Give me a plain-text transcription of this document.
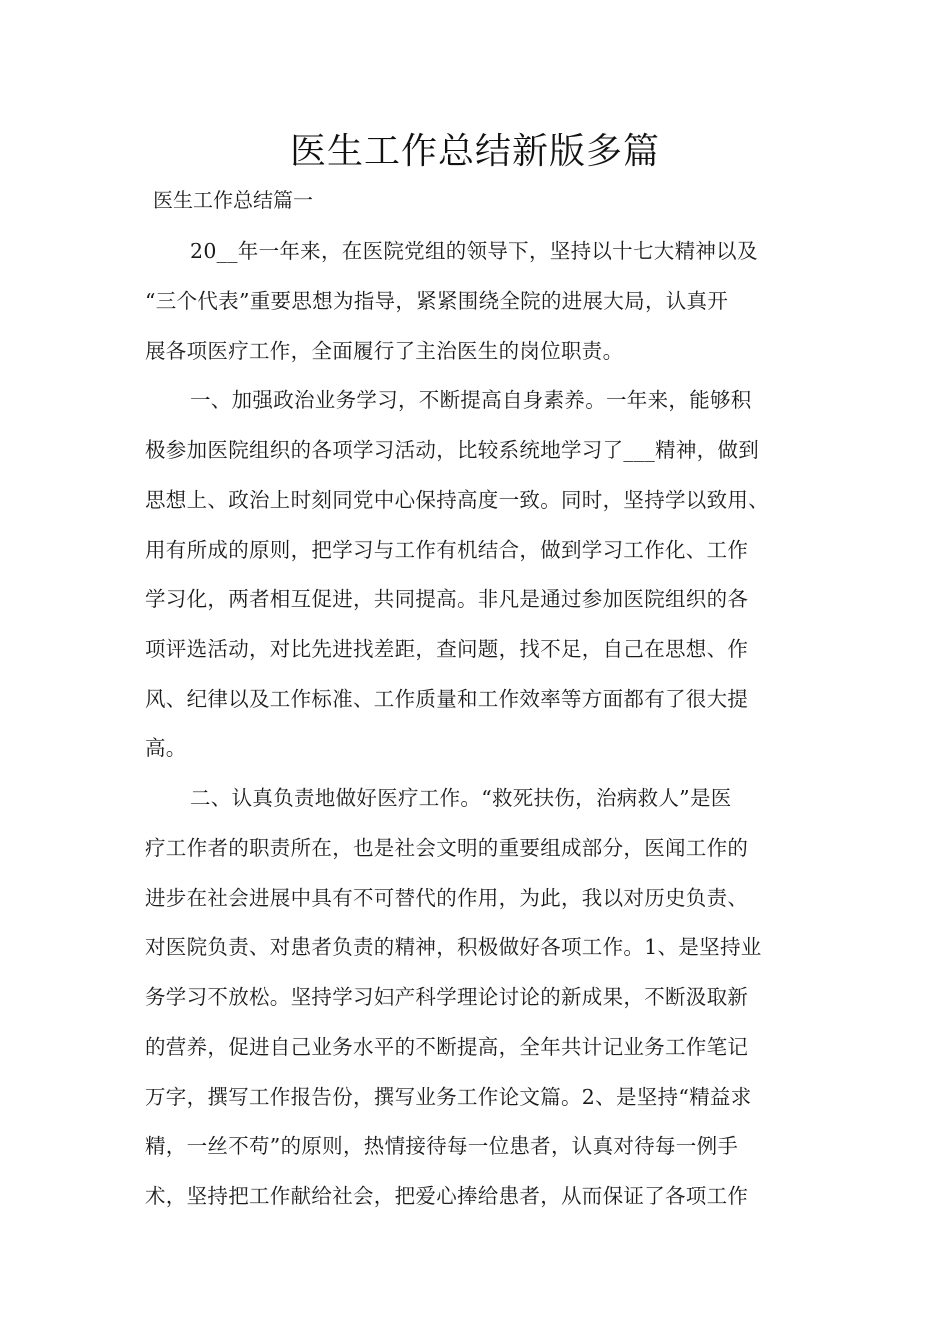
医生工作总结新版多篇

医生工作总结篇一

20__年一年来，在医院党组的领导下，坚持以十七大精神以及

“三个代表”重要思想为指导，紧紧围绕全院的进展大局，认真开

展各项医疗工作，全面履行了主治医生的岗位职责。

一、加强政治业务学习，不断提高自身素养。一年来，能够积

极参加医院组织的各项学习活动，比较系统地学习了___精神，做到

思想上、政治上时刻同党中心保持高度一致。同时，坚持学以致用、

用有所成的原则，把学习与工作有机结合，做到学习工作化、工作

学习化，两者相互促进，共同提高。非凡是通过参加医院组织的各

项评选活动，对比先进找差距，查问题，找不足，自己在思想、作

风、纪律以及工作标准、工作质量和工作效率等方面都有了很大提

高。

二、认真负责地做好医疗工作。“救死扶伤，治病救人”是医

疗工作者的职责所在，也是社会文明的重要组成部分，医闻工作的

进步在社会进展中具有不可替代的作用，为此，我以对历史负责、

对医院负责、对患者负责的精神，积极做好各项工作。1、是坚持业

务学习不放松。坚持学习妇产科学理论讨论的新成果，不断汲取新

的营养，促进自己业务水平的不断提高，全年共计记业务工作笔记

万字，撰写工作报告份，撰写业务工作论文篇。2、是坚持“精益求

精，一丝不苟”的原则，热情接待每一位患者，认真对待每一例手

术，坚持把工作献给社会，把爱心捧给患者，从而保证了各项工作
